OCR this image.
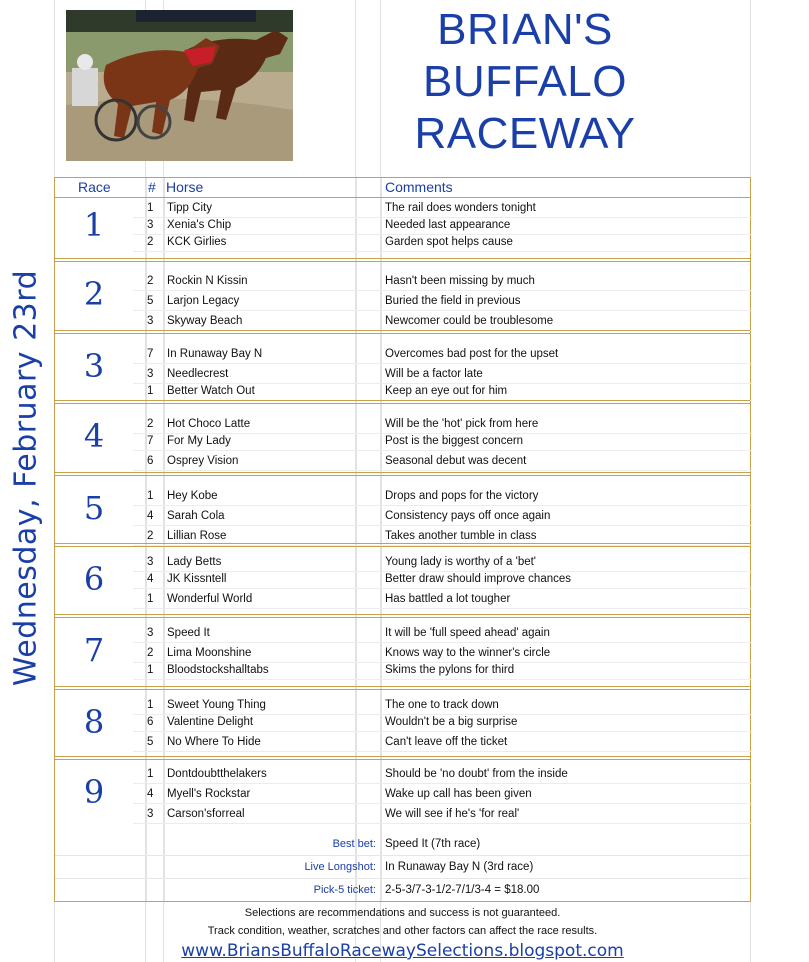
BRIAN'S
BUFFALO
RACEWAY
Wednesday, February 23rd
Race	# Horse	Comments
1	1	Tipp City	The rail does wonders tonight
3	Xenia's Chip	Needed last appearance
2	KCK Girlies	Garden spot helps cause
2	2	Rockin N Kissin	Hasn't been missing by much
5	Larjon Legacy	Buried the field in previous
3	Skyway Beach	Newcomer could be troublesome
3	7	In Runaway Bay N	Overcomes bad post for the upset
3	Needlecrest	Will be a factor late
1	Better Watch Out	Keep an eye out for him
4	2	Hot Choco Latte	Will be the 'hot' pick from here
7	For My Lady	Post is the biggest concern
6	Osprey Vision	Seasonal debut was decent
5	1	Hey Kobe	Drops and pops for the victory
4	Sarah Cola	Consistency pays off once again
2	Lillian Rose	Takes another tumble in class
6	3	Lady Betts	Young lady is worthy of a 'bet'
4	JK Kissntell	Better draw should improve chances
1	Wonderful World	Has battled a lot tougher
7	3	Speed It	It will be 'full speed ahead' again
2	Lima Moonshine	Knows way to the winner's circle
1	Bloodstockshalltabs	Skims the pylons for third
8	1	Sweet Young Thing	The one to track down
6	Valentine Delight	Wouldn't be a big surprise
5	No Where To Hide	Can't leave off the ticket
9	1	Dontdoubtthelakers	Should be 'no doubt' from the inside
4	Myell's Rockstar	Wake up call has been given
3	Carson'sforreal	We will see if he's 'for real'
Best bet: Speed It (7th race)
Live Longshot: In Runaway Bay N (3rd race)
Pick-5 ticket: 2-5-3/7-3-1/2-7/1/3-4 = $18.00
Selections are recommendations and success is not guaranteed.
Track condition, weather, scratches and other factors can affect the race results.
www.BriansBuffaloRacewaySelections.blogspot.com
